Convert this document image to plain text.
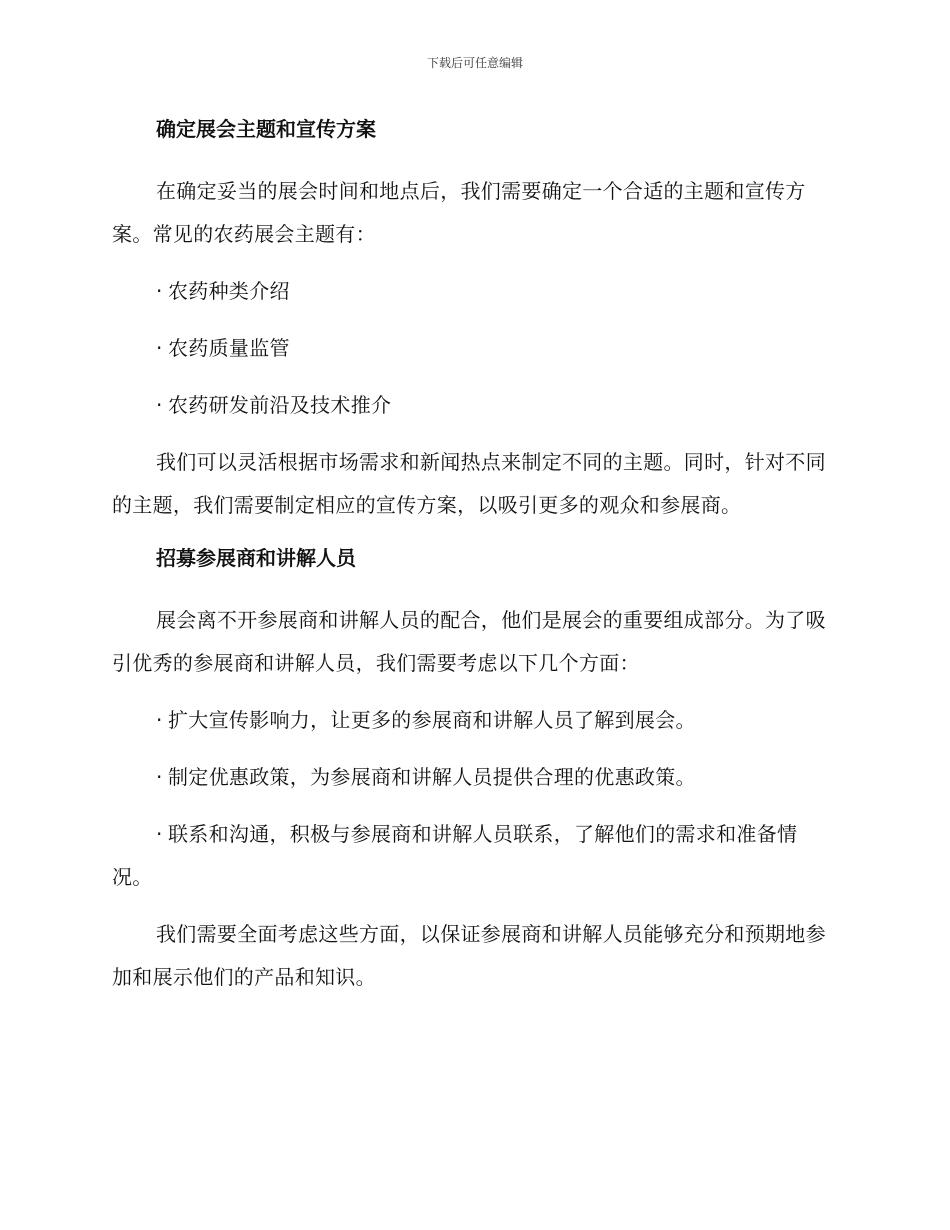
下载后可任意编辑
确定展会主题和宣传方案
在确定妥当的展会时间和地点后，我们需要确定一个合适的主题和宣传方案。常见的农药展会主题有：
· 农药种类介绍
· 农药质量监管
· 农药研发前沿及技术推介
我们可以灵活根据市场需求和新闻热点来制定不同的主题。同时，针对不同的主题，我们需要制定相应的宣传方案，以吸引更多的观众和参展商。
招募参展商和讲解人员
展会离不开参展商和讲解人员的配合，他们是展会的重要组成部分。为了吸引优秀的参展商和讲解人员，我们需要考虑以下几个方面：
· 扩大宣传影响力，让更多的参展商和讲解人员了解到展会。
· 制定优惠政策，为参展商和讲解人员提供合理的优惠政策。
· 联系和沟通，积极与参展商和讲解人员联系，了解他们的需求和准备情况。
我们需要全面考虑这些方面，以保证参展商和讲解人员能够充分和预期地参加和展示他们的产品和知识。
